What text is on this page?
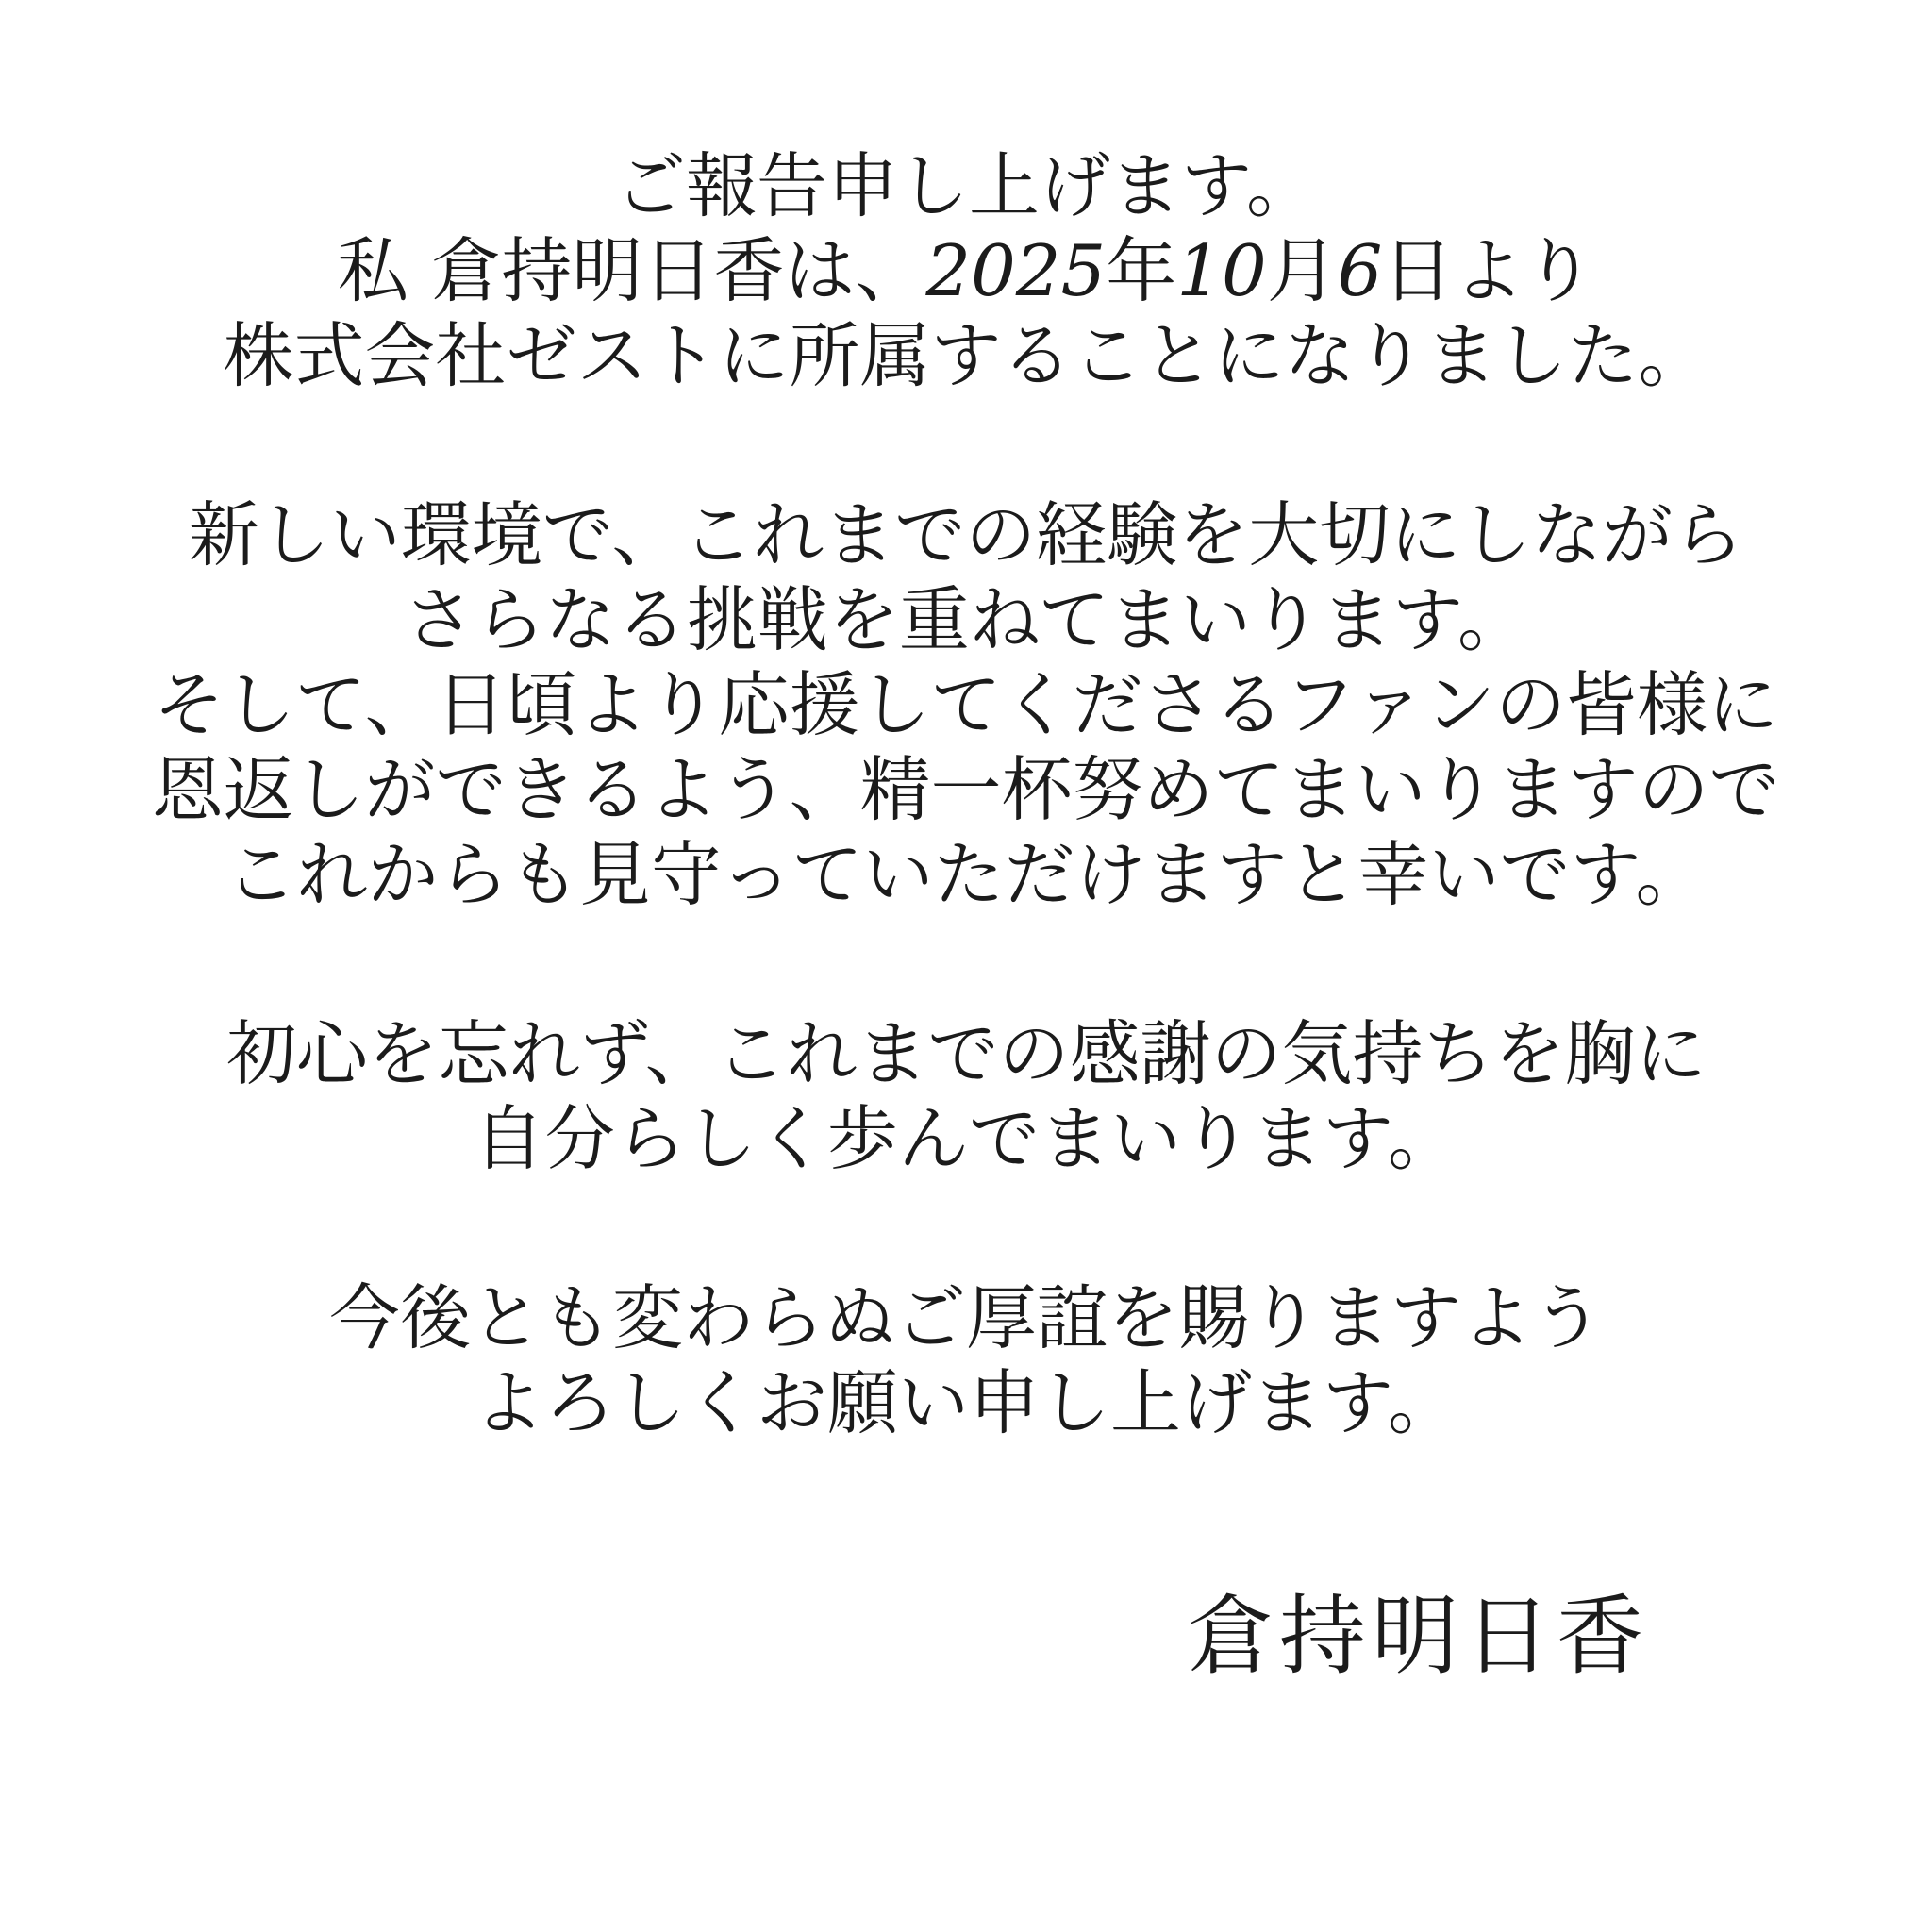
ご報告申し上げます。
私 倉持明日香は、2025年10月6日より
株式会社ゼストに所属することになりました。
新しい環境で、これまでの経験を大切にしながら
さらなる挑戦を重ねてまいります。
そして、日頃より応援してくださるファンの皆様に
恩返しができるよう、精一杯努めてまいりますので
これからも見守っていただけますと幸いです。
初心を忘れず、これまでの感謝の気持ちを胸に
自分らしく歩んでまいります。
今後とも変わらぬご厚誼を賜りますよう
よろしくお願い申し上げます。
倉持明日香
